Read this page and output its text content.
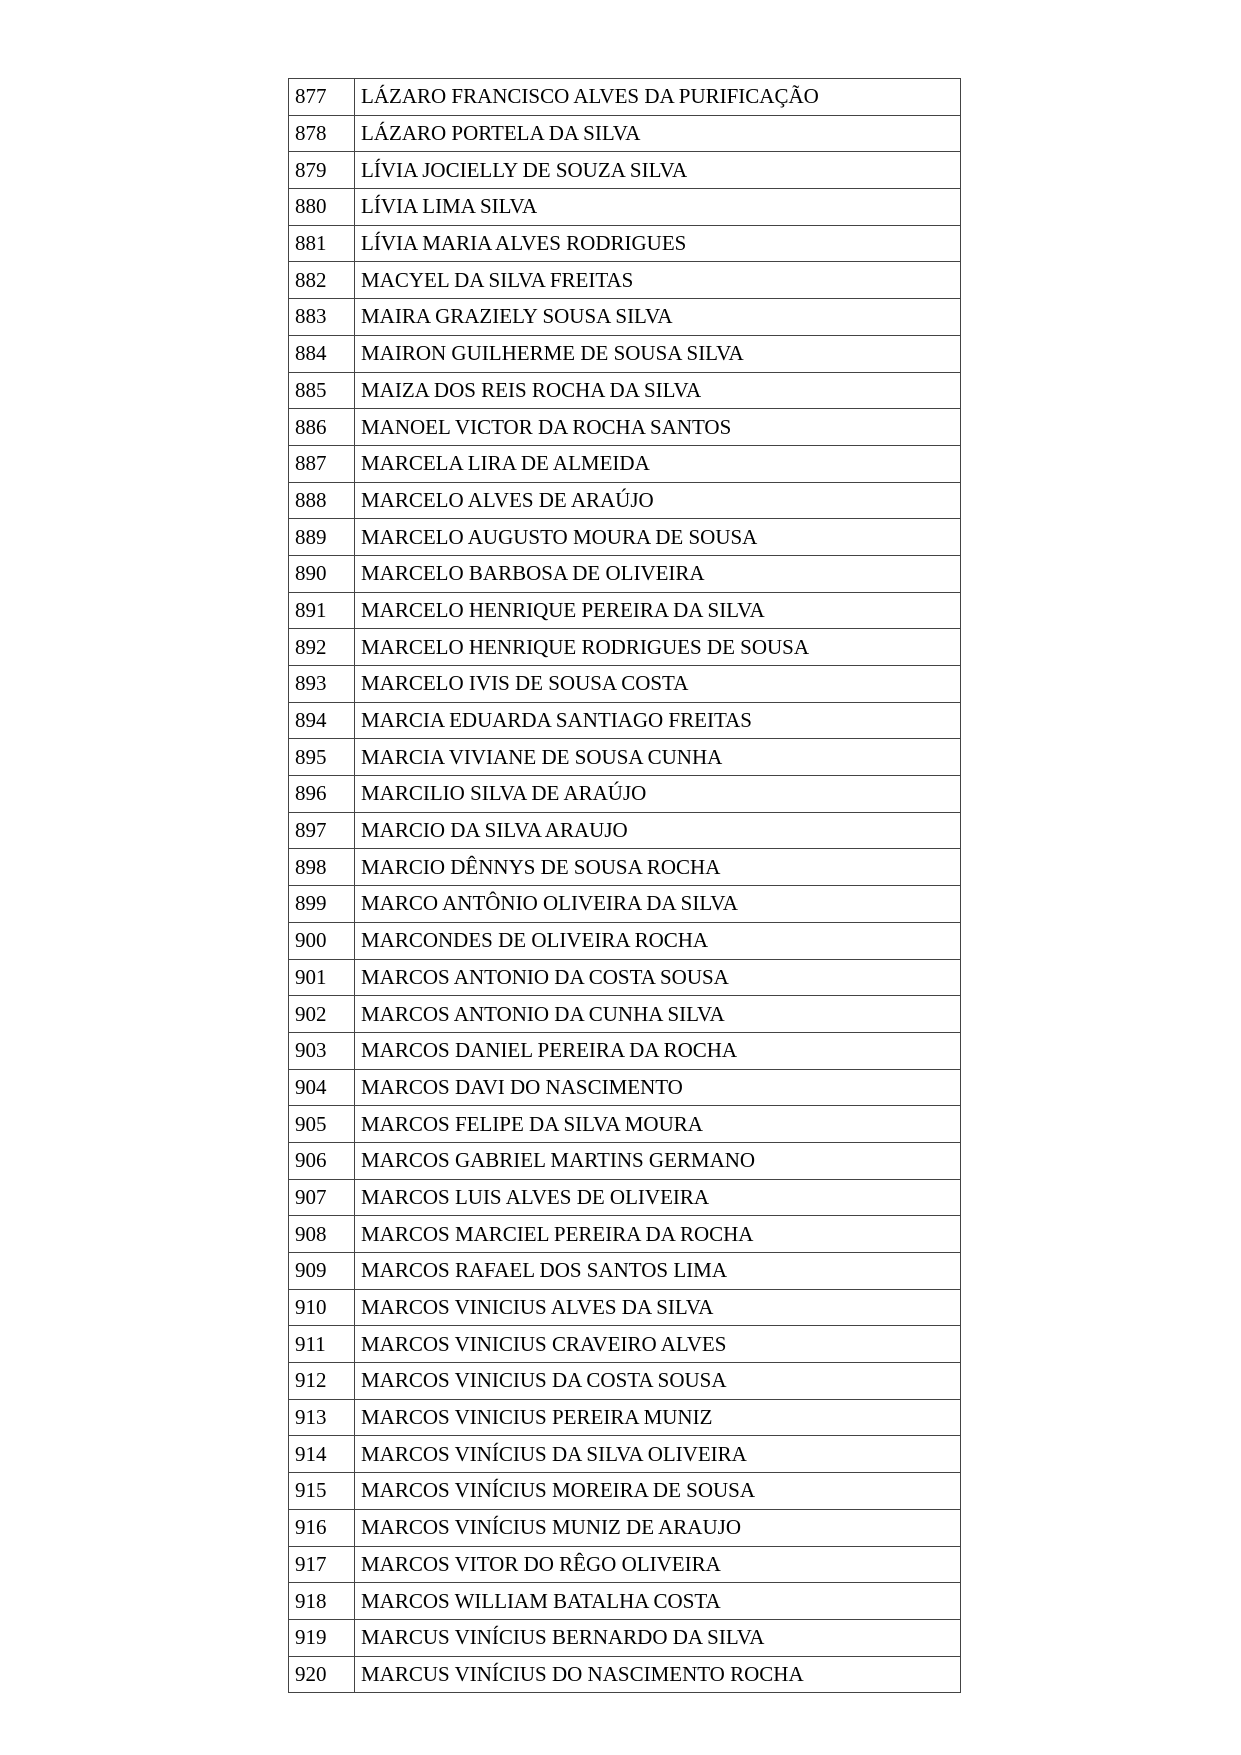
877	LÁZARO FRANCISCO ALVES DA PURIFICAÇÃO
878	LÁZARO PORTELA DA SILVA
879	LÍVIA JOCIELLY DE SOUZA SILVA
880	LÍVIA LIMA SILVA
881	LÍVIA MARIA ALVES RODRIGUES
882	MACYEL DA SILVA FREITAS
883	MAIRA GRAZIELY SOUSA SILVA
884	MAIRON GUILHERME DE SOUSA SILVA
885	MAIZA DOS REIS ROCHA DA SILVA
886	MANOEL VICTOR DA ROCHA SANTOS
887	MARCELA LIRA DE ALMEIDA
888	MARCELO ALVES DE ARAÚJO
889	MARCELO AUGUSTO MOURA DE SOUSA
890	MARCELO BARBOSA DE OLIVEIRA
891	MARCELO HENRIQUE PEREIRA DA SILVA
892	MARCELO HENRIQUE RODRIGUES DE SOUSA
893	MARCELO IVIS DE SOUSA COSTA
894	MARCIA EDUARDA SANTIAGO FREITAS
895	MARCIA VIVIANE DE SOUSA CUNHA
896	MARCILIO SILVA DE ARAÚJO
897	MARCIO DA SILVA ARAUJO
898	MARCIO DÊNNYS DE SOUSA ROCHA
899	MARCO ANTÔNIO OLIVEIRA DA SILVA
900	MARCONDES DE OLIVEIRA ROCHA
901	MARCOS ANTONIO DA COSTA SOUSA
902	MARCOS ANTONIO DA CUNHA SILVA
903	MARCOS DANIEL PEREIRA DA ROCHA
904	MARCOS DAVI DO NASCIMENTO
905	MARCOS FELIPE DA SILVA MOURA
906	MARCOS GABRIEL MARTINS GERMANO
907	MARCOS LUIS ALVES DE OLIVEIRA
908	MARCOS MARCIEL PEREIRA DA ROCHA
909	MARCOS RAFAEL DOS SANTOS LIMA
910	MARCOS VINICIUS ALVES DA SILVA
911	MARCOS VINICIUS CRAVEIRO ALVES
912	MARCOS VINICIUS DA COSTA SOUSA
913	MARCOS VINICIUS PEREIRA MUNIZ
914	MARCOS VINÍCIUS DA SILVA OLIVEIRA
915	MARCOS VINÍCIUS MOREIRA DE SOUSA
916	MARCOS VINÍCIUS MUNIZ DE ARAUJO
917	MARCOS VITOR DO RÊGO OLIVEIRA
918	MARCOS WILLIAM BATALHA COSTA
919	MARCUS VINÍCIUS BERNARDO DA SILVA
920	MARCUS VINÍCIUS DO NASCIMENTO ROCHA
